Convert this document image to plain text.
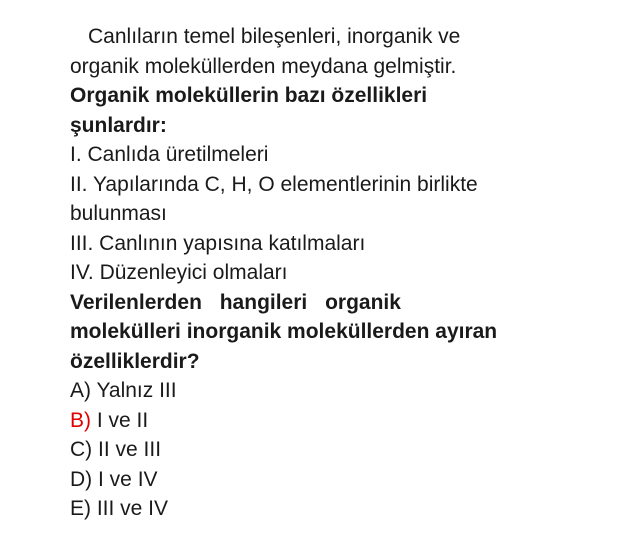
Canlıların temel bileşenleri, inorganik ve
organik moleküllerden meydana gelmiştir.
Organik moleküllerin bazı özellikleri
şunlardır:
I. Canlıda üretilmeleri
II. Yapılarında C, H, O elementlerinin birlikte
bulunması
III. Canlının yapısına katılmaları
IV. Düzenleyici olmaları
Verilenlerden hangileri organik
molekülleri inorganik moleküllerden ayıran
özelliklerdir?
A) Yalnız III
B) I ve II
C) II ve III
D) I ve IV
E) III ve IV
